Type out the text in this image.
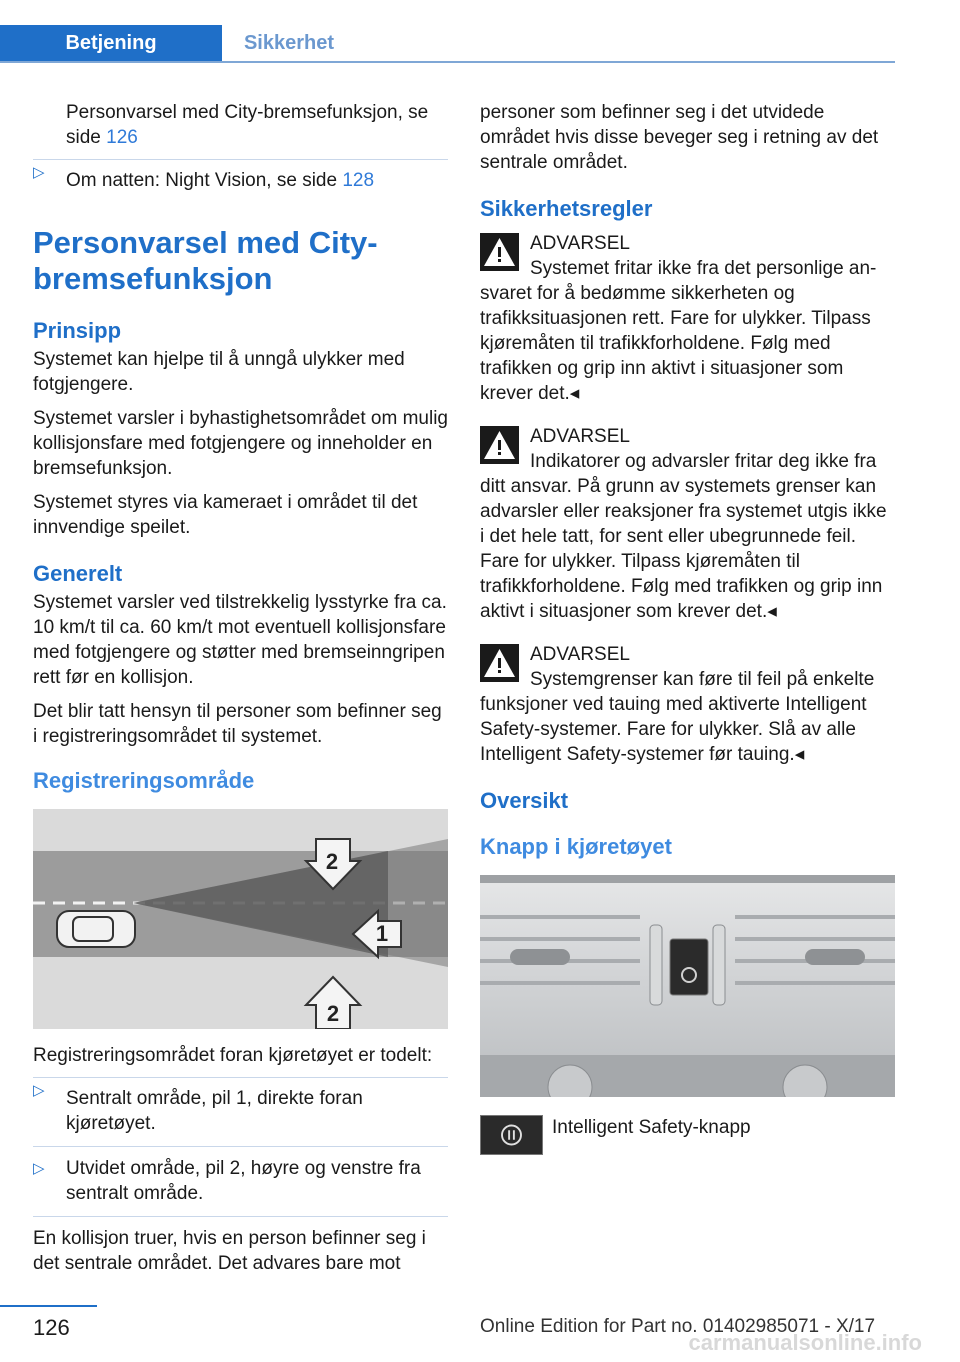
Betjening	Sikkerhet

Personvarsel med City-bremsefunksjon, se side 126

▷ Om natten: Night Vision, se side 128
Personvarsel med City-bremsefunksjon
Prinsipp

Systemet kan hjelpe til å unngå ulykker med fotgjengere.

Systemet varsler i byhastighetsområdet om mulig kollisjonsfare med fotgjengere og inneholder en bremsefunksjon.

Systemet styres via kameraet i området til det innvendige speilet.

Generelt

Systemet varsler ved tilstrekkelig lysstyrke fra ca. 10 km/t til ca. 60 km/t mot eventuell kollisjonsfare med fotgjengere og støtter med bremseinngripen rett før en kollisjon.

Det blir tatt hensyn til personer som befinner seg i registreringsområdet til systemet.

Registreringsområde
2
1
2

Registreringsområdet foran kjøretøyet er todelt:

▷ Sentralt område, pil 1, direkte foran kjøretøyet.
▷ Utvidet område, pil 2, høyre og venstre fra sentralt område.

En kollisjon truer, hvis en person befinner seg i det sentrale området. Det advares bare mot

personer som befinner seg i det utvidede området hvis disse beveger seg i retning av det sentrale området.

Sikkerhetsregler
ADVARSEL

Systemet fritar ikke fra det personlige an-
svaret for å bedømme sikkerheten og trafikksituasjonen rett. Fare for ulykker. Tilpass kjøremåten til trafikkforholdene. Følg med trafikken og grip inn aktivt i situasjoner som krever det.◂

ADVARSEL

Indikatorer og advarsler fritar deg ikke fra
ditt ansvar. På grunn av systemets grenser kan advarsler eller reaksjoner fra systemet utgis ikke i det hele tatt, for sent eller ubegrunnede feil. Fare for ulykker. Tilpass kjøremåten til trafikkforholdene. Følg med trafikken og grip inn aktivt i situasjoner som krever det.◂

ADVARSEL

Systemgrenser kan føre til feil på enkelte
funksjoner ved tauing med aktiverte Intelligent Safety-systemer. Fare for ulykker. Slå av alle Intelligent Safety-systemer før tauing.◂

Oversikt
Knapp i kjøretøyet
Intelligent Safety-knapp
126	Online Edition for Part no. 01402985071 - X/17
carmanualsonline.info
